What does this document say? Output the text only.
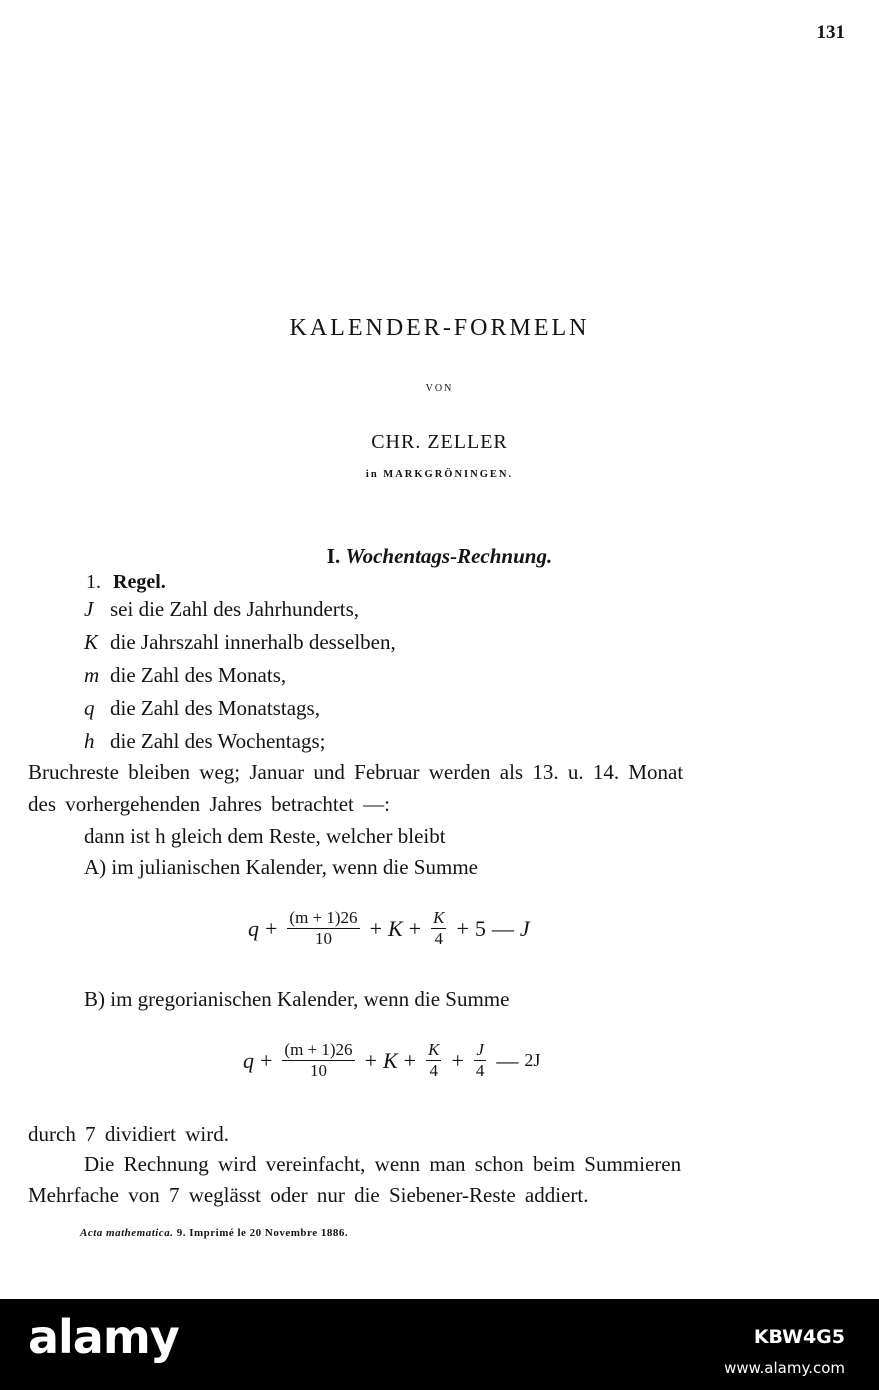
131
KALENDER-FORMELN
VON
CHR. ZELLER
in MARKGRÖNINGEN.
I. Wochentags-Rechnung.
1. Regel.
J sei die Zahl des Jahrhunderts,
K die Jahrszahl innerhalb desselben,
m die Zahl des Monats,
q die Zahl des Monatstags,
h die Zahl des Wochentags;
Bruchreste bleiben weg; Januar und Februar werden als 13. u. 14. Monat
des vorhergehenden Jahres betrachtet —:
dann ist h gleich dem Reste, welcher bleibt
A) im julianischen Kalender, wenn die Summe
$q + \frac{(m + 1)26}{10} + K + \frac{K}{4} + 5$ — J
B) im gregorianischen Kalender, wenn die Summe
$q + \frac{(m + 1)26}{10} + K + \frac{K}{4} + \frac{J}{4}$ — 2J
durch 7 dividiert wird.
Die Rechnung wird vereinfacht, wenn man schon beim Summieren
Mehrfache von 7 weglässt oder nur die Siebener-Reste addiert.
Acta mathematica. 9. Imprimé le 20 Novembre 1886.
alamy	KBW4G5
www.alamy.com
